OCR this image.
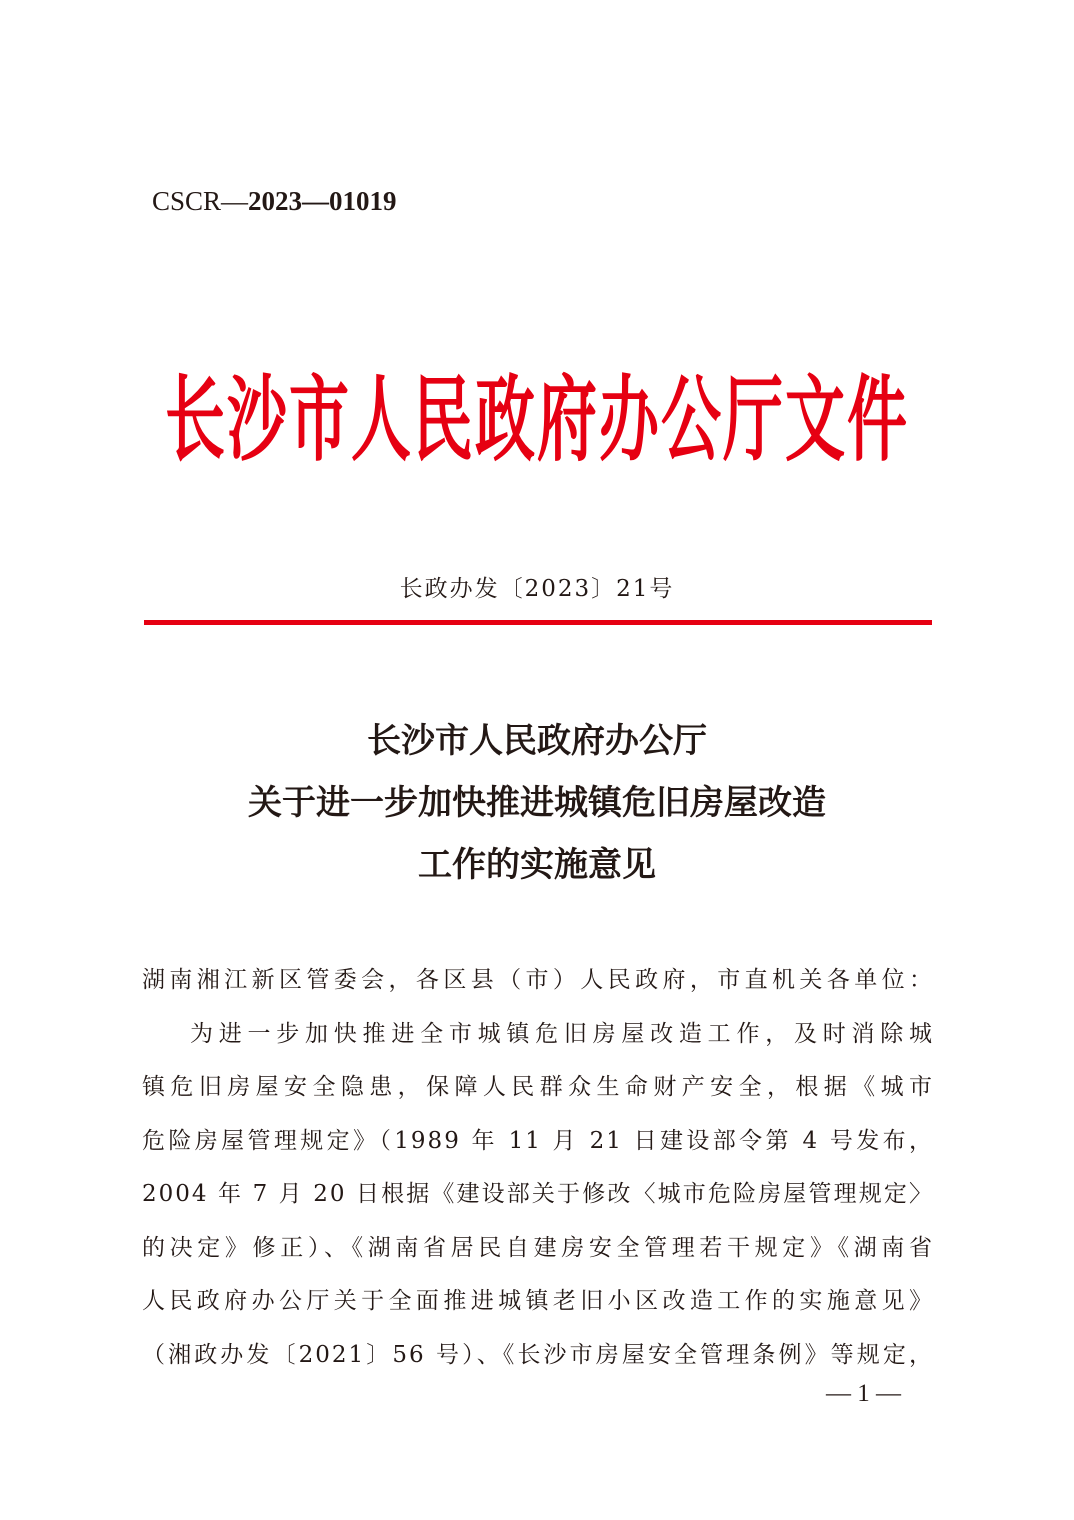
CSCR—2023—01019
长沙市人民政府办公厅文件
长政办发〔2023〕21号
长沙市人民政府办公厅
关于进一步加快推进城镇危旧房屋改造
工作的实施意见
湖南湘江新区管委会，各区县（市）人民政府，市直机关各单位：
为进一步加快推进全市城镇危旧房屋改造工作，及时消除城
镇危旧房屋安全隐患，保障人民群众生命财产安全，根据《城市
危险房屋管理规定》（1989 年 11 月 21 日建设部令第 4 号发布，
2004 年 7 月 20 日根据《建设部关于修改〈城市危险房屋管理规定〉
的决定》修正）、《湖南省居民自建房安全管理若干规定》《湖南省
人民政府办公厅关于全面推进城镇老旧小区改造工作的实施意见》
（湘政办发〔2021〕56 号）、《长沙市房屋安全管理条例》等规定，
— 1 —
